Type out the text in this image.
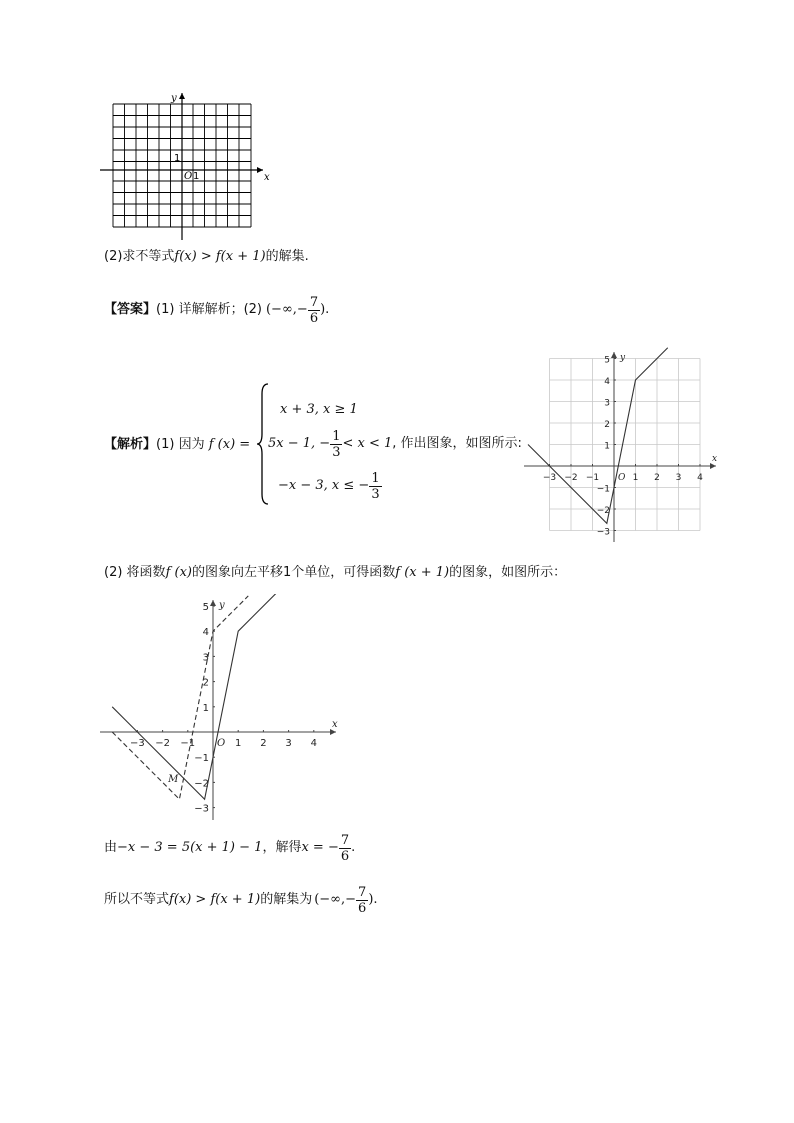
y
x
O 1
1
(2)求不等式f(x) > f(x + 1)的解集.
【答案】 (1) 详解解析；(2) (−∞,− $\frac{7}{6}$ ).
【解析】(1) 因为 f (x) =
x + 3, x ≥ 1
5x − 1, − $\frac{1}{3} < x < 1$ , 作出图象，如图所示:
−x − 3, x ≤ − $\frac{1}{3}$	−3 −2 −1	1 2 3 4
5
4
3
2
1
−1
−2
−3
O
x
y
(2) 将函数f (x)的图象向左平移1个单位，可得函数f (x + 1)的图象，如图所示：
−3 −2 −1	1 2 3 4
5
4
3
2
1
−1
−2
−3
O
x
y
M
由 −x − 3 = 5(x + 1) − 1 ，解得 x = − $\frac{7}{6}$ .
所以不等式 f(x) > f(x + 1) 的解集为 (−∞,− $\frac{7}{6}$ ).
